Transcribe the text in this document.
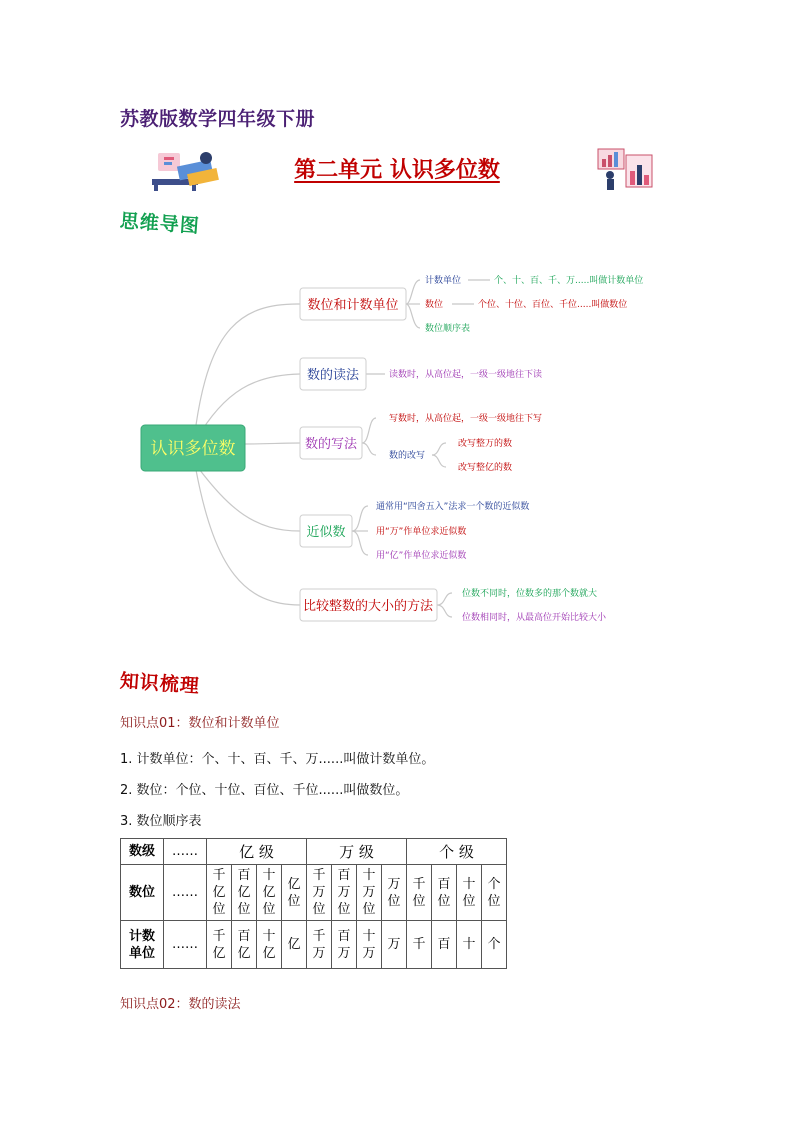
苏教版数学四年级下册
第二单元 认识多位数
思维导图
认识多位数
数位和计数单位
数的读法
数的写法
近似数
比较整数的大小的方法
计数单位	个、十、百、千、万.....叫做计数单位
数位	个位、十位、百位、千位.....叫做数位
数位顺序表
读数时，从高位起，一级一级地往下读
写数时，从高位起，一级一级地往下写
数的改写
改写整万的数
改写整亿的数
通常用“四舍五入”法求一个数的近似数
用“万”作单位求近似数
用“亿”作单位求近似数
位数不同时，位数多的那个数就大
位数相同时，从最高位开始比较大小
知识梳理
知识点01：数位和计数单位
1. 计数单位：个、十、百、千、万......叫做计数单位。
2. 数位：个位、十位、百位、千位......叫做数位。
3. 数位顺序表
数级	……	亿 级				万 级				个 级			
数位	……	千亿位	百亿位	十亿位	亿位	千万位	百万位	十万位	万位	千位	百位	十位	个位
计数单位	……	千亿	百亿	十亿	亿	千万	百万	十万	万	千	百	十	个
知识点02：数的读法
